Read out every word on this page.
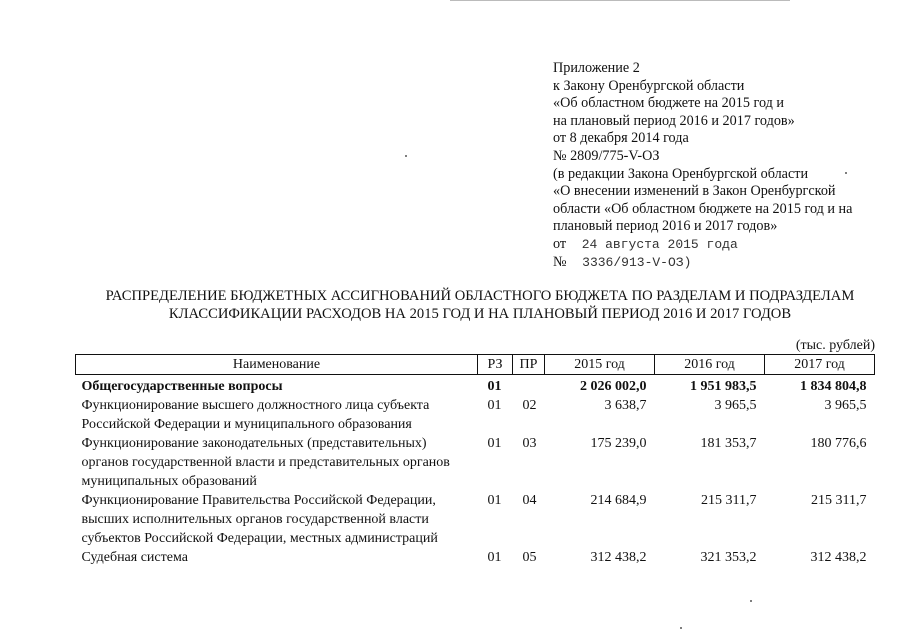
Приложение 2
к Закону Оренбургской области
«Об областном бюджете на 2015 год и
на плановый период 2016 и 2017 годов»
от 8 декабря 2014 года
№ 2809/775-V-ОЗ
(в редакции Закона Оренбургской области
«О внесении изменений в Закон Оренбургской
области «Об областном бюджете на 2015 год и на
плановый период 2016 и 2017 годов»
от 24 августа 2015 года
№ 3336/913-V-ОЗ)
РАСПРЕДЕЛЕНИЕ БЮДЖЕТНЫХ АССИГНОВАНИЙ ОБЛАСТНОГО БЮДЖЕТА ПО РАЗДЕЛАМ И ПОДРАЗДЕЛАМ
КЛАССИФИКАЦИИ РАСХОДОВ НА 2015 ГОД И НА ПЛАНОВЫЙ ПЕРИОД 2016 И 2017 ГОДОВ
(тыс. рублей)
Наименование	РЗ	ПР	2015 год	2016 год	2017 год
Общегосударственные вопросы	01		2 026 002,0	1 951 983,5	1 834 804,8
Функционирование высшего должностного лица субъекта Российской Федерации и муниципального образования	01	02	3 638,7	3 965,5	3 965,5
Функционирование законодательных (представительных) органов государственной власти и представительных органов муниципальных образований	01	03	175 239,0	181 353,7	180 776,6
Функционирование Правительства Российской Федерации, высших исполнительных органов государственной власти субъектов Российской Федерации, местных администраций	01	04	214 684,9	215 311,7	215 311,7
Судебная система	01	05	312 438,2	321 353,2	312 438,2
